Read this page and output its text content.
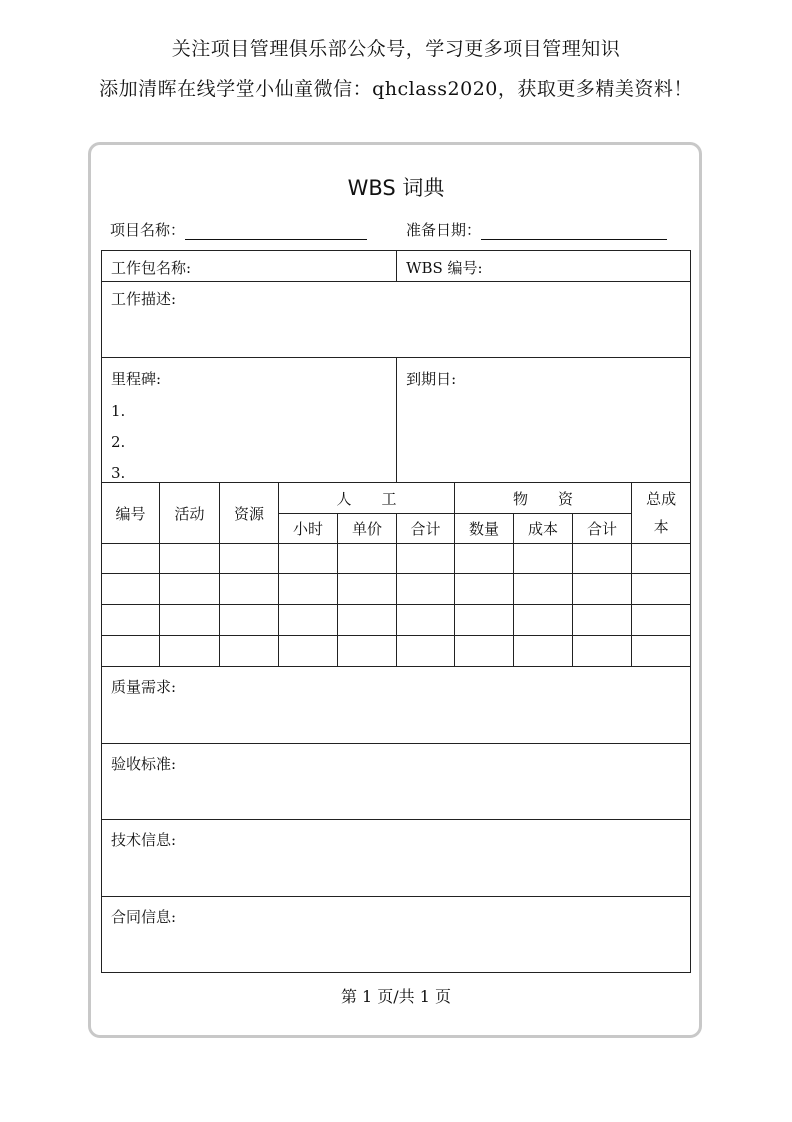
关注项目管理俱乐部公众号，学习更多项目管理知识
添加清晖在线学堂小仙童微信：qhclass2020，获取更多精美资料！
WBS 词典
项目名称：	准备日期：
工作包名称:					WBS 编号:				

工作描述:									

里程碑:
1.
2.
3.					到期日:				

编号	活动	资源	人　　工			物　　资			总成
本
			小时	单价	合计	数量	成本	合计	

质量需求:									

验收标准:									

技术信息:									

合同信息:									
第 1 页/共 1 页
